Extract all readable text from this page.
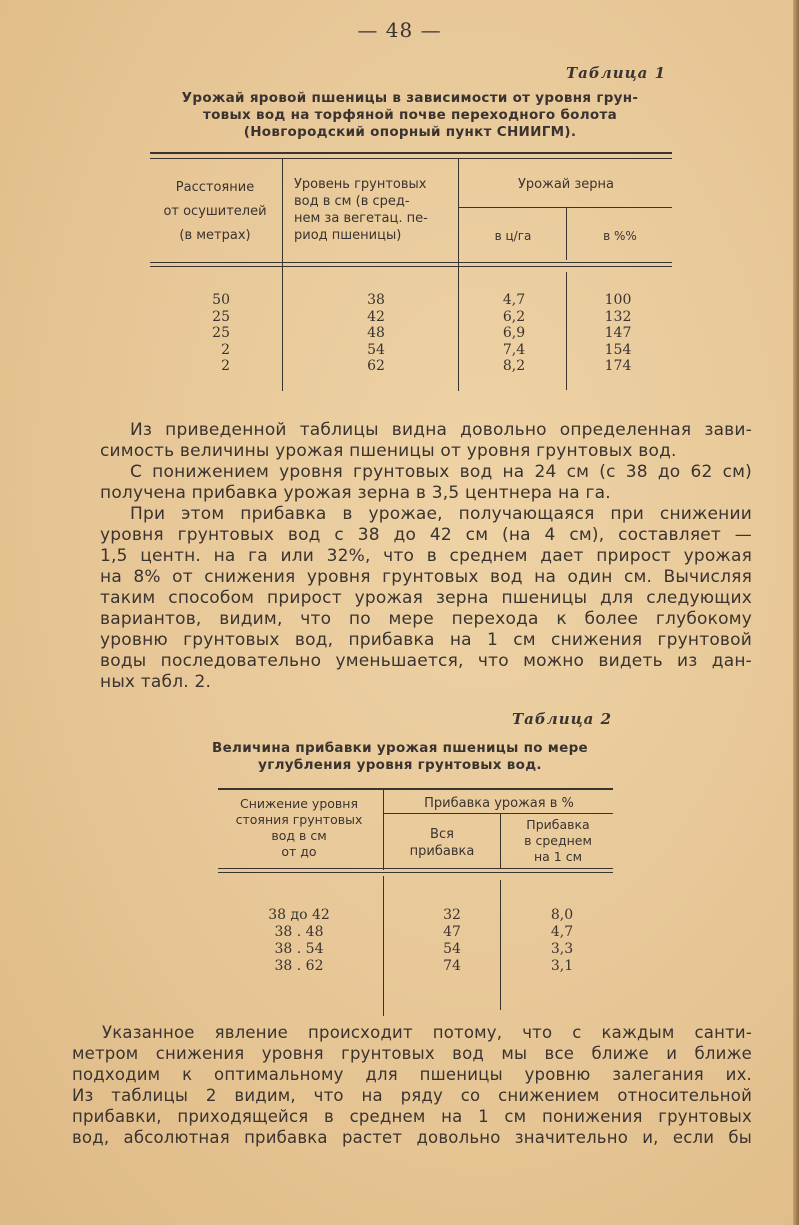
— 48 —
Таблица 1
Урожай яровой пшеницы в зависимости от уровня грун-
товых вод на торфяной почве переходного болота
(Новгородский опорный пункт СНИИГМ).
Расстояние
от осушителей
(в метрах)
Уровень грунтовых
вод в см (в сред-
нем за вегетац. пе-
риод пшеницы)
Урожай зерна
в ц/га	в %%
50
25
25
2
2
38
42
48
54
62
4,7
6,2
6,9
7,4
8,2
100
132
147
154
174
Из приведенной таблицы видна довольно определенная зави-
симость величины урожая пшеницы от уровня грунтовых вод.
С понижением уровня грунтовых вод на 24 см (с 38 до 62 см)
получена прибавка урожая зерна в 3,5 центнера на га.
При этом прибавка в урожае, получающаяся при снижении
уровня грунтовых вод с 38 до 42 см (на 4 см), составляет —
1,5 центн. на га или 32%, что в среднем дает прирост урожая
на 8% от снижения уровня грунтовых вод на один см. Вычисляя
таким способом прирост урожая зерна пшеницы для следующих
вариантов, видим, что по мере перехода к более глубокому
уровню грунтовых вод, прибавка на 1 см снижения грунтовой
воды последовательно уменьшается, что можно видеть из дан-
ных табл. 2.
Таблица 2
Величина прибавки урожая пшеницы по мере
углубления уровня грунтовых вод.
Снижение уровня
стояния грунтовых
вод в см
от до
Прибавка урожая в %
Вся
прибавка
Прибавка
в среднем
на 1 см
38 до 42
38 . 48
38 . 54
38 . 62
32
47
54
74
8,0
4,7
3,3
3,1
Указанное явление происходит потому, что с каждым санти-
метром снижения уровня грунтовых вод мы все ближе и ближе
подходим к оптимальному для пшеницы уровню залегания их.
Из таблицы 2 видим, что на ряду со снижением относительной
прибавки, приходящейся в среднем на 1 см понижения грунтовых
вод, абсолютная прибавка растет довольно значительно и, если бы
